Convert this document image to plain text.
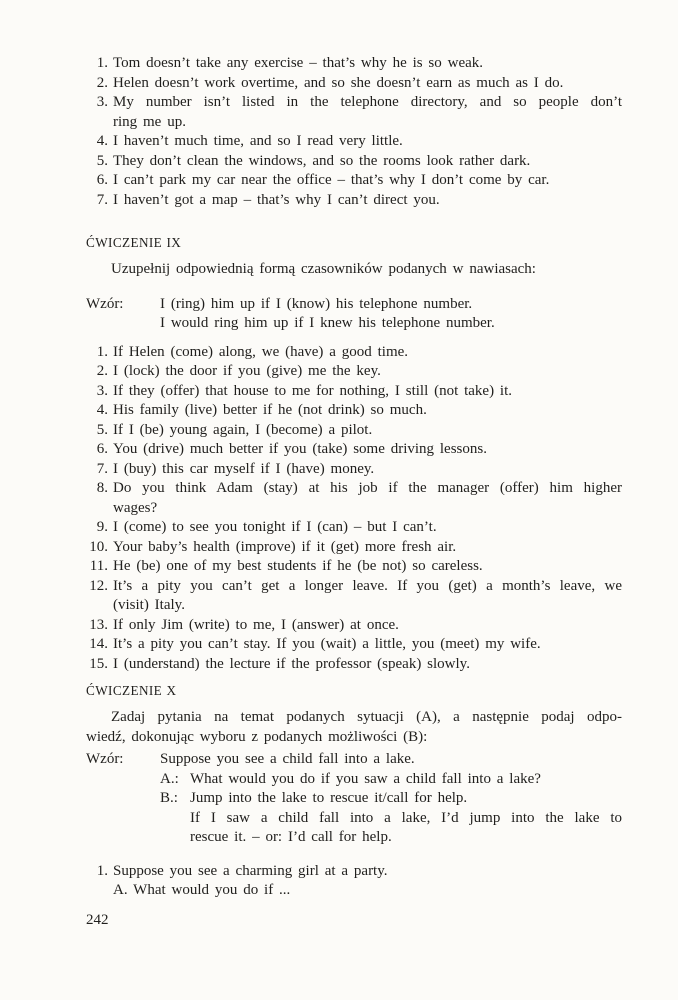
1. Tom doesn’t take any exercise – that’s why he is so weak.
2. Helen doesn’t work overtime, and so she doesn’t earn as much as I do.
3. My number isn’t listed in the telephone directory, and so people don’t
ring me up.
4. I haven’t much time, and so I read very little.
5. They don’t clean the windows, and so the rooms look rather dark.
6. I can’t park my car near the office – that’s why I don’t come by car.
7. I haven’t got a map – that’s why I can’t direct you.
ĆWICZENIE IX
Uzupełnij odpowiednią formą czasowników podanych w nawiasach:
Wzór:	I (ring) him up if I (know) his telephone number.
I would ring him up if I knew his telephone number.
1. If Helen (come) along, we (have) a good time.
2. I (lock) the door if you (give) me the key.
3. If they (offer) that house to me for nothing, I still (not take) it.
4. His family (live) better if he (not drink) so much.
5. If I (be) young again, I (become) a pilot.
6. You (drive) much better if you (take) some driving lessons.
7. I (buy) this car myself if I (have) money.
8. Do you think Adam (stay) at his job if the manager (offer) him higher
wages?
9. I (come) to see you tonight if I (can) – but I can’t.
10. Your baby’s health (improve) if it (get) more fresh air.
11. He (be) one of my best students if he (be not) so careless.
12. It’s a pity you can’t get a longer leave. If you (get) a month’s leave, we
(visit) Italy.
13. If only Jim (write) to me, I (answer) at once.
14. It’s a pity you can’t stay. If you (wait) a little, you (meet) my wife.
15. I (understand) the lecture if the professor (speak) slowly.
ĆWICZENIE X
Zadaj pytania na temat podanych sytuacji (A), a następnie podaj odpo-
wiedź, dokonując wyboru z podanych możliwości (B):
Wzór:	Suppose you see a child fall into a lake.
A.: What would you do if you saw a child fall into a lake?
B.: Jump into the lake to rescue it/call for help.
If I saw a child fall into a lake, I’d jump into the lake to
rescue it. – or: I’d call for help.
1. Suppose you see a charming girl at a party.
A. What would you do if ...
242
